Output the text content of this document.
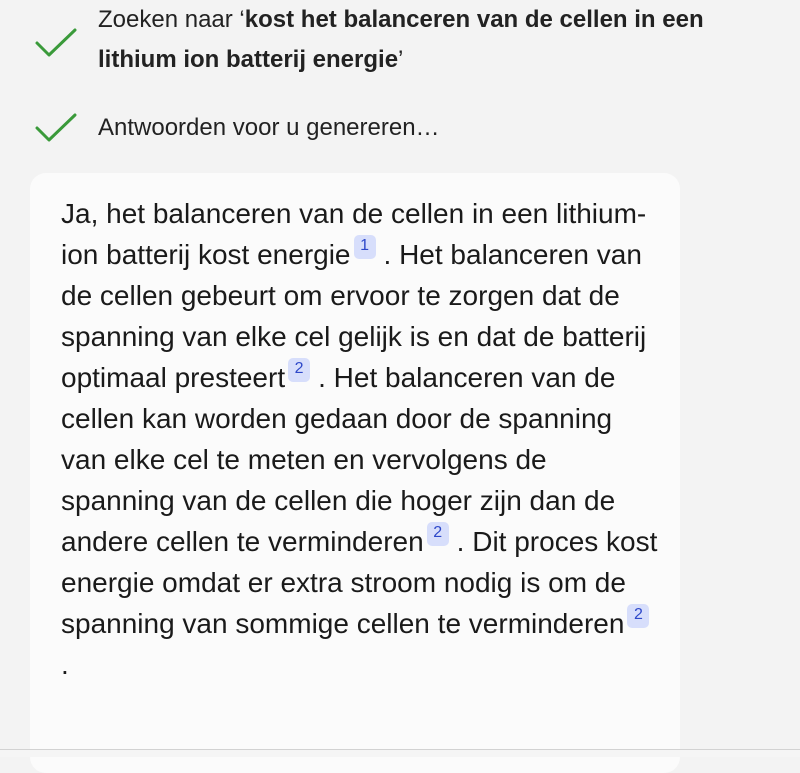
Zoeken naar ‘kost het balanceren van de cellen in een lithium ion batterij energie’
Antwoorden voor u genereren…
Ja, het balanceren van de cellen in een lithium-ion batterij kost energie 1 . Het balanceren van de cellen gebeurt om ervoor te zorgen dat de spanning van elke cel gelijk is en dat de batterij optimaal presteert 2 . Het balanceren van de cellen kan worden gedaan door de spanning van elke cel te meten en vervolgens de spanning van de cellen die hoger zijn dan de andere cellen te verminderen 2 . Dit proces kost energie omdat er extra stroom nodig is om de spanning van sommige cellen te verminderen 2.
